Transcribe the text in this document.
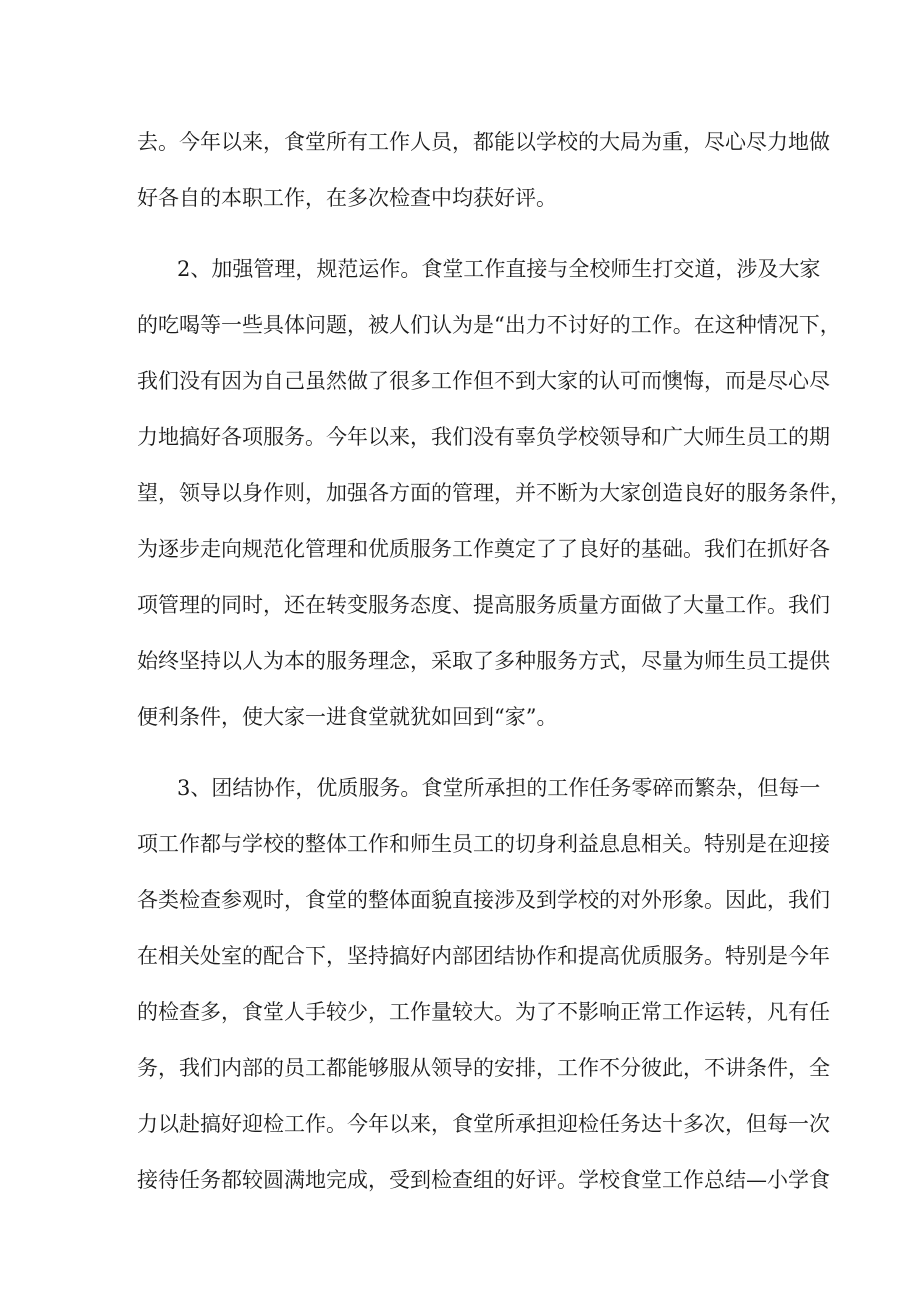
去。今年以来，食堂所有工作人员，都能以学校的大局为重，尽心尽力地做
好各自的本职工作，在多次检查中均获好评。
2、加强管理，规范运作。食堂工作直接与全校师生打交道，涉及大家
的吃喝等一些具体问题，被人们认为是“出力不讨好的工作。在这种情况下，
我们没有因为自己虽然做了很多工作但不到大家的认可而懊悔，而是尽心尽
力地搞好各项服务。今年以来，我们没有辜负学校领导和广大师生员工的期
望，领导以身作则，加强各方面的管理，并不断为大家创造良好的服务条件，
为逐步走向规范化管理和优质服务工作奠定了了良好的基础。我们在抓好各
项管理的同时，还在转变服务态度、提高服务质量方面做了大量工作。我们
始终坚持以人为本的服务理念，采取了多种服务方式，尽量为师生员工提供
便利条件，使大家一进食堂就犹如回到“家”。
3、团结协作，优质服务。食堂所承担的工作任务零碎而繁杂，但每一
项工作都与学校的整体工作和师生员工的切身利益息息相关。特别是在迎接
各类检查参观时，食堂的整体面貌直接涉及到学校的对外形象。因此，我们
在相关处室的配合下，坚持搞好内部团结协作和提高优质服务。特别是今年
的检查多，食堂人手较少，工作量较大。为了不影响正常工作运转，凡有任
务，我们内部的员工都能够服从领导的安排，工作不分彼此，不讲条件，全
力以赴搞好迎检工作。今年以来，食堂所承担迎检任务达十多次，但每一次
接待任务都较圆满地完成，受到检查组的好评。学校食堂工作总结—小学食
